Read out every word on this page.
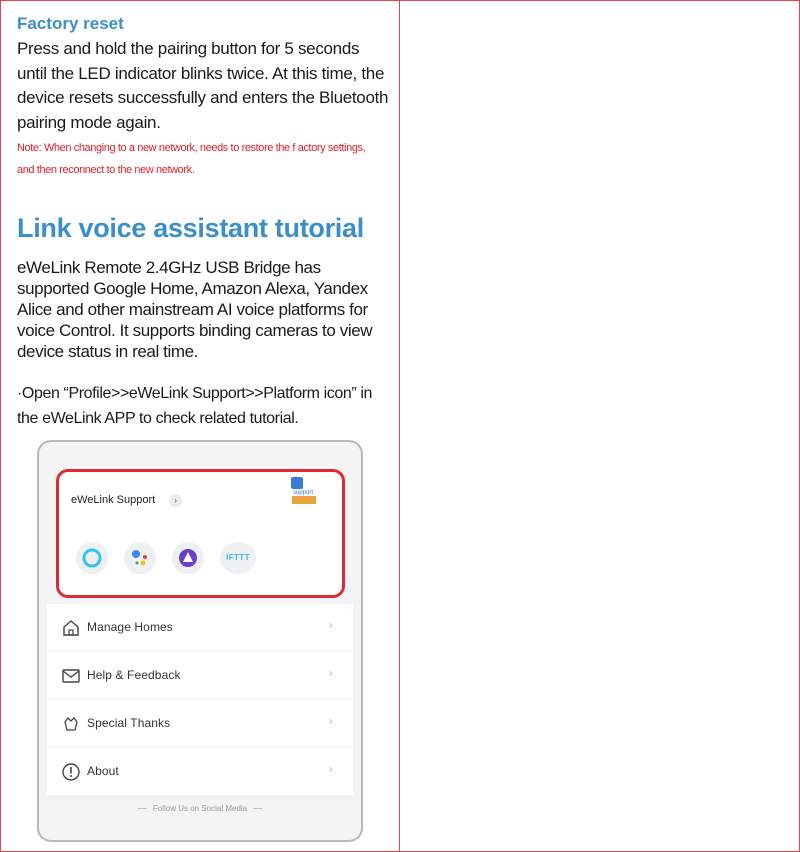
Factory reset
Press and hold the pairing button for 5 seconds until the LED indicator blinks twice. At this time, the device resets successfully and enters the Bluetooth pairing mode again.
Note: When changing to a new network, needs to restore the f actory settings, and then reconnect to the new network.
Link voice assistant tutorial
eWeLink Remote 2.4GHz USB Bridge has supported Google Home, Amazon Alexa, Yandex Alice and other mainstream AI voice platforms for voice Control. It supports binding cameras to view device status in real time.
·Open “Profile>>eWeLink Support>>Platform icon” in the eWeLink APP to check related tutorial.
eWeLink Support	›
support
IFTTT
Manage Homes	›
Help & Feedback	›
Special Thanks	›
About	›
Follow Us on Social Media
